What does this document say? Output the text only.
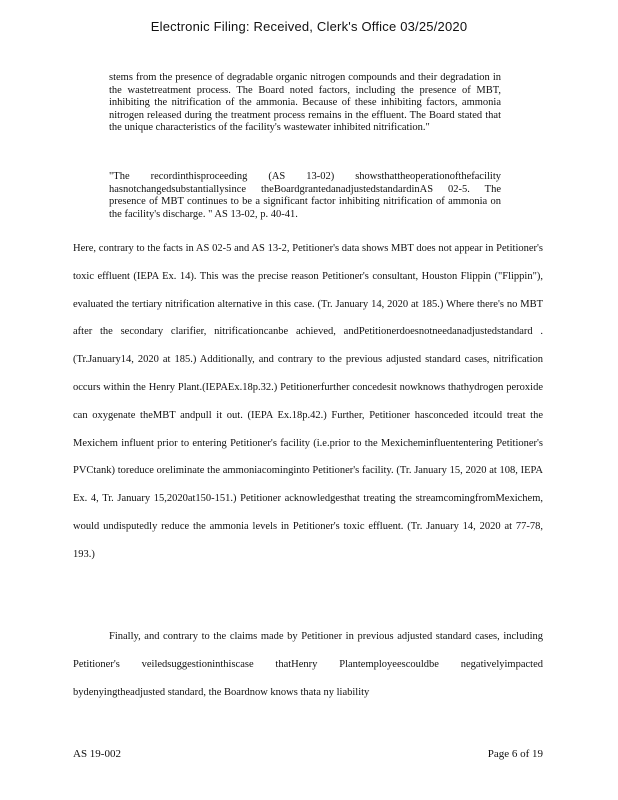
Electronic Filing: Received, Clerk's Office 03/25/2020

stems from the presence of degradable organic nitrogen compounds and their degradation in the wastetreatment process. The Board noted factors, including the presence of MBT, inhibiting the nitrification of the ammonia. Because of these inhibiting factors, ammonia nitrogen released during the treatment process remains in the effluent. The Board stated that the unique characteristics of the facility's wastewater inhibited nitrification."

"The recordinthisproceeding (AS 13-02) showsthattheoperationofthefacility hasnotchangedsubstantiallysince theBoardgrantedanadjustedstandardinAS 02-5. The presence of MBT continues to be a significant factor inhibiting nitrification of ammonia on the facility's discharge. " AS 13-02, p. 40-41.

Here, contrary to the facts in AS 02-5 and AS 13-2, Petitioner's data shows MBT does not appear in Petitioner's toxic effluent (IEPA Ex. 14). This was the precise reason Petitioner's consultant, Houston Flippin ("Flippin"), evaluated the tertiary nitrification alternative in this case. (Tr. January 14, 2020 at 185.) Where there's no MBT after the secondary clarifier, nitrificationcanbe achieved, andPetitionerdoesnotneedanadjustedstandard .(Tr.January14, 2020 at 185.) Additionally, and contrary to the previous adjusted standard cases, nitrification occurs within the Henry Plant.(IEPAEx.18p.32.) Petitionerfurther concedesit nowknows thathydrogen peroxide can oxygenate theMBT andpull it out. (IEPA Ex.18p.42.) Further, Petitioner hasconceded itcould treat the Mexichem influent prior to entering Petitioner's facility (i.e.prior to the Mexicheminfluententering Petitioner's PVCtank) toreduce oreliminate the ammoniacominginto Petitioner's facility. (Tr. January 15, 2020 at 108, IEPA Ex. 4, Tr. January 15,2020at150-151.) Petitioner acknowledgesthat treating the streamcomingfromMexichem, would undisputedly reduce the ammonia levels in Petitioner's toxic effluent. (Tr. January 14, 2020 at 77-78, 193.)

Finally, and contrary to the claims made by Petitioner in previous adjusted standard cases, including Petitioner's veiledsuggestioninthiscase thatHenry Plantemployeescouldbe negativelyimpacted bydenyingtheadjusted standard, the Boardnow knows thata ny liability

AS 19-002	Page 6 of 19
